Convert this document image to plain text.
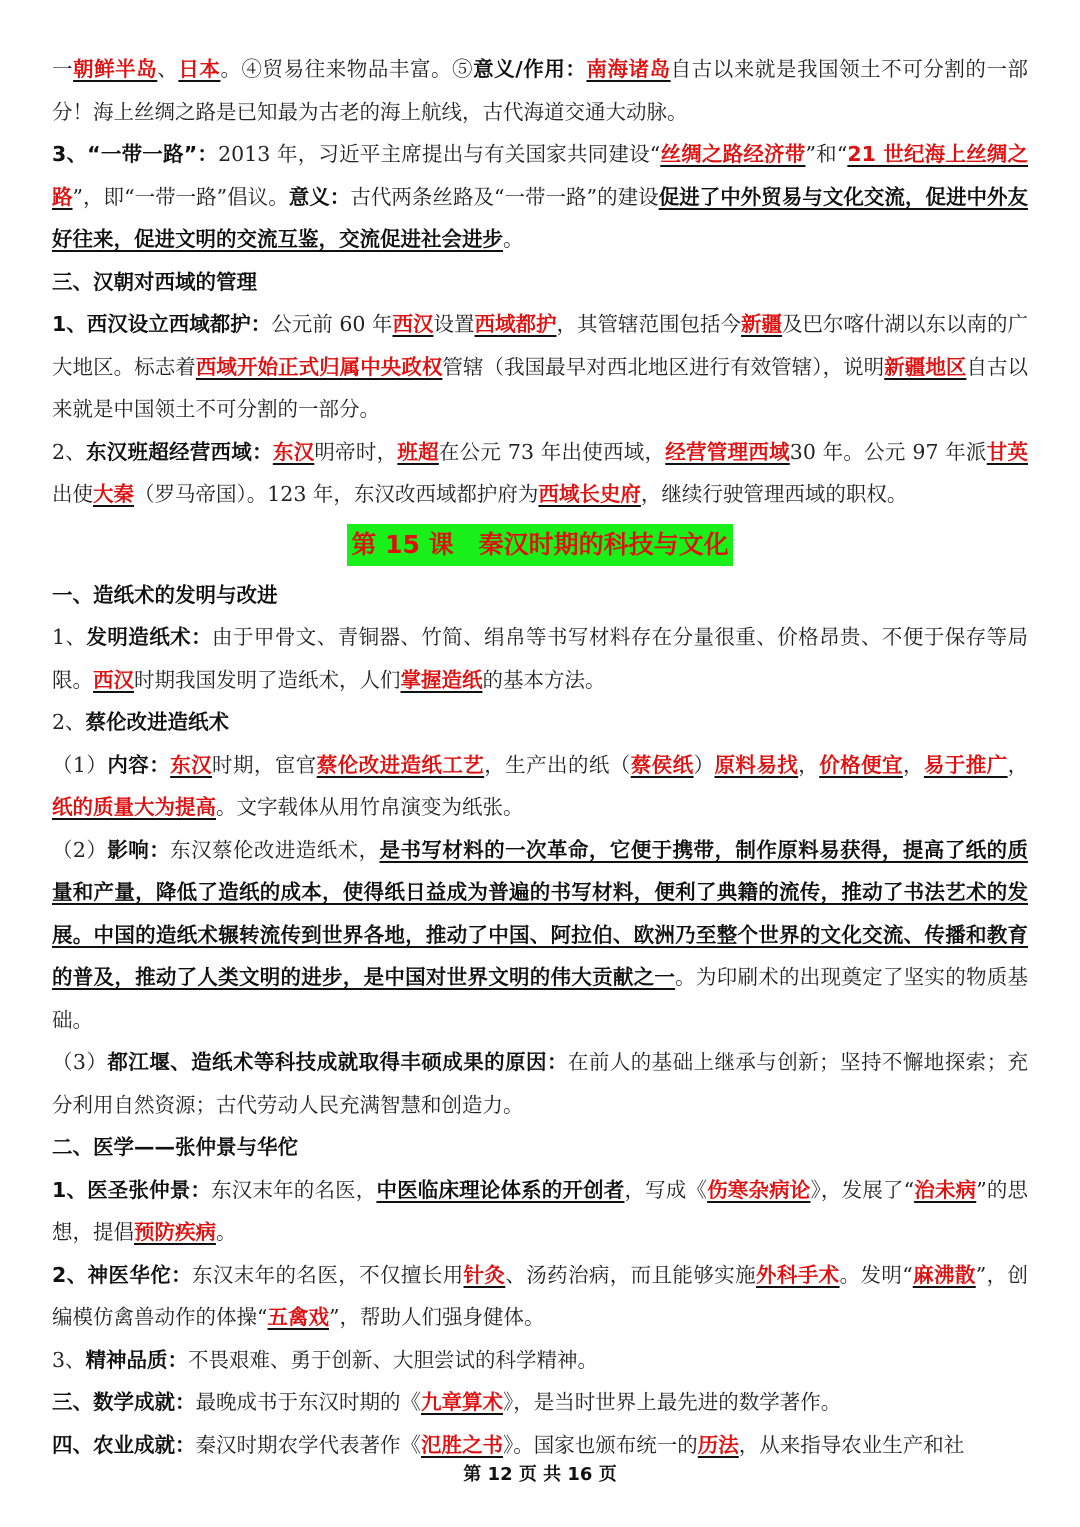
一朝鲜半岛、日本。④贸易往来物品丰富。⑤意义/作用：南海诸岛自古以来就是我国领土不可分割的一部分！海上丝绸之路是已知最为古老的海上航线，古代海道交通大动脉。

3、“一带一路”：2013 年，习近平主席提出与有关国家共同建设“丝绸之路经济带”和“21 世纪海上丝绸之路”，即“一带一路”倡议。意义：古代两条丝路及“一带一路”的建设促进了中外贸易与文化交流，促进中外友好往来，促进文明的交流互鉴，交流促进社会进步。

三、汉朝对西域的管理

1、西汉设立西域都护：公元前 60 年西汉设置西域都护，其管辖范围包括今新疆及巴尔喀什湖以东以南的广大地区。标志着西域开始正式归属中央政权管辖（我国最早对西北地区进行有效管辖），说明新疆地区自古以来就是中国领土不可分割的一部分。

2、东汉班超经营西域：东汉明帝时，班超在公元 73 年出使西域，经营管理西域30 年。公元 97 年派甘英出使大秦（罗马帝国）。123 年，东汉改西域都护府为西域长史府，继续行驶管理西域的职权。

第 15 课　秦汉时期的科技与文化

一、造纸术的发明与改进

1、发明造纸术：由于甲骨文、青铜器、竹简、绢帛等书写材料存在分量很重、价格昂贵、不便于保存等局限。西汉时期我国发明了造纸术，人们掌握造纸的基本方法。

2、蔡伦改进造纸术

（1）内容：东汉时期，宦官蔡伦改进造纸工艺，生产出的纸（蔡侯纸）原料易找，价格便宜，易于推广，纸的质量大为提高。文字载体从用竹帛演变为纸张。

（2）影响：东汉蔡伦改进造纸术，是书写材料的一次革命，它便于携带，制作原料易获得，提高了纸的质量和产量，降低了造纸的成本，使得纸日益成为普遍的书写材料，便利了典籍的流传，推动了书法艺术的发展。中国的造纸术辗转流传到世界各地，推动了中国、阿拉伯、欧洲乃至整个世界的文化交流、传播和教育的普及，推动了人类文明的进步，是中国对世界文明的伟大贡献之一。为印刷术的出现奠定了坚实的物质基础。

（3）都江堰、造纸术等科技成就取得丰硕成果的原因：在前人的基础上继承与创新；坚持不懈地探索；充分利用自然资源；古代劳动人民充满智慧和创造力。

二、医学——张仲景与华佗

1、医圣张仲景：东汉末年的名医，中医临床理论体系的开创者，写成《伤寒杂病论》，发展了“治未病”的思想，提倡预防疾病。

2、神医华佗：东汉末年的名医，不仅擅长用针灸、汤药治病，而且能够实施外科手术。发明“麻沸散”，创编模仿禽兽动作的体操“五禽戏”，帮助人们强身健体。

3、精神品质：不畏艰难、勇于创新、大胆尝试的科学精神。

三、数学成就：最晚成书于东汉时期的《九章算术》，是当时世界上最先进的数学著作。

四、农业成就：秦汉时期农学代表著作《氾胜之书》。国家也颁布统一的历法，从来指导农业生产和社

第 12 页 共 16 页
